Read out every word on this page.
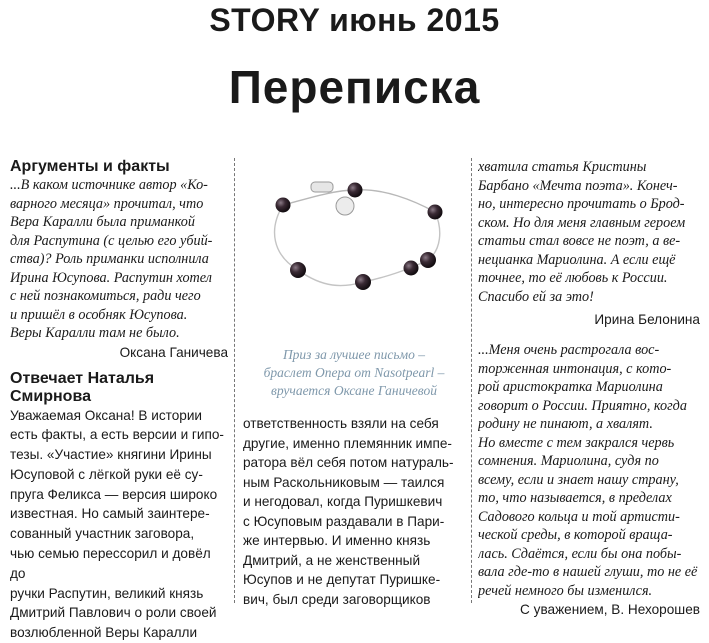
STORY июнь 2015
Переписка

Аргументы и факты

...В каком источнике автор «Ко-

варного месяца» прочитал, что

Вера Каралли была приманкой

для Распутина (с целью его убий-

ства)? Роль приманки исполнила

Ирина Юсупова. Распутин хотел

с ней познакомиться, ради чего

и пришёл в особняк Юсупова.

Веры Каралли там не было.

Оксана Ганичева

Отвечает Наталья

Смирнова

Уважаемая Оксана! В истории

есть факты, а есть версии и гипо-

тезы. «Участие» княгини Ирины

Юсуповой с лёгкой руки её су-

пруга Феликса — версия широко

известная. Но самый заинтере-

сованный участник заговора,

чью семью перессорил и довёл до

ручки Распутин, великий князь

Дмитрий Павлович о роли своей

возлюбленной Веры Каралли

Приз за лучшее письмо –

браслет Опера от Nasotpearl –

вручается Оксане Ганичевой

ответственность взяли на себя

другие, именно племянник импе-

ратора вёл себя потом натураль-

ным Раскольниковым — таился

и негодовал, когда Пуришкевич

с Юсуповым раздавали в Пари-

же интервью. И именно князь

Дмитрий, а не женственный

Юсупов и не депутат Пуришке-

вич, был среди заговорщиков

хватила статья Кристины

Барбано «Мечта поэта». Конеч-

но, интересно прочитать о Брод-

ском. Но для меня главным героем

статьи стал вовсе не поэт, а ве-

нецианка Мариолина. А если ещё

точнее, то её любовь к России.

Спасибо ей за это!

Ирина Белонина

...Меня очень растрогала вос-

торженная интонация, с кото-

рой аристократка Мариолина

говорит о России. Приятно, когда

родину не пинают, а хвалят.

Но вместе с тем закрался червь

сомнения. Мариолина, судя по

всему, если и знает нашу страну,

то, что называется, в пределах

Садового кольца и той артисти-

ческой среды, в которой враща-

лась. Сдаётся, если бы она побы-

вала где-то в нашей глуши, то не её

речей немного бы изменился.

С уважением, В. Нехорошев
